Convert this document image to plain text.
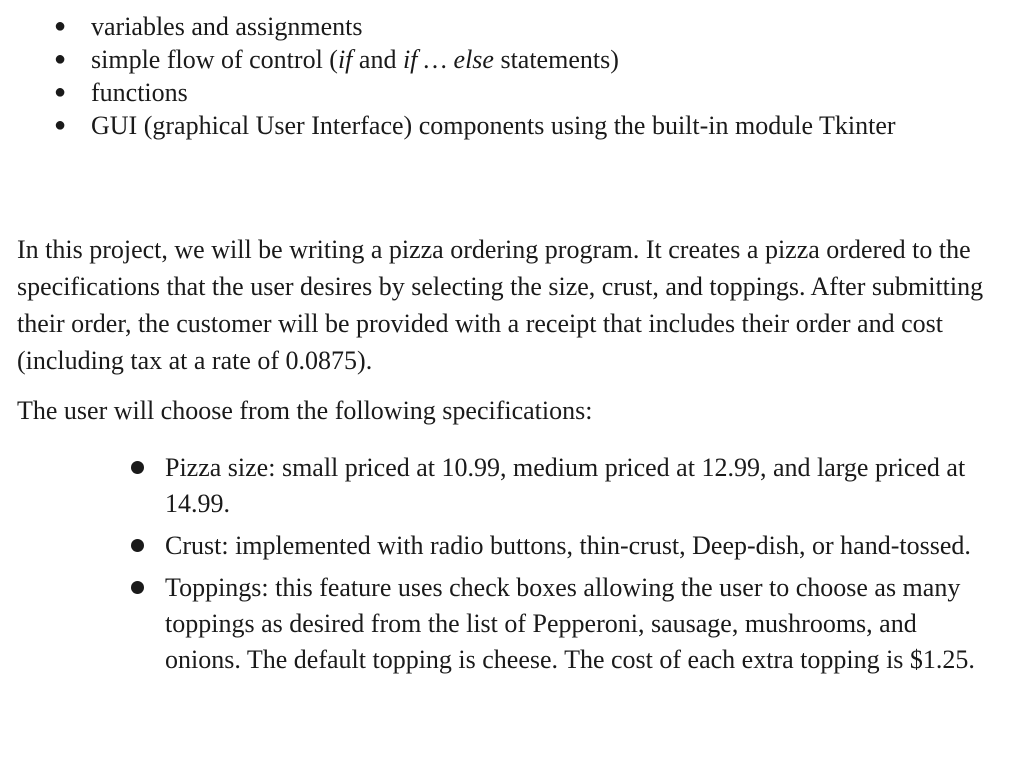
● variables and assignments
● simple flow of control (if and if … else statements)
● functions
● GUI (graphical User Interface) components using the built-in module Tkinter

In this project, we will be writing a pizza ordering program. It creates a pizza ordered to the specifications that the user desires by selecting the size, crust, and toppings. After submitting their order, the customer will be provided with a receipt that includes their order and cost (including tax at a rate of 0.0875).

The user will choose from the following specifications:

Pizza size: small priced at 10.99, medium priced at 12.99, and large priced at 14.99.
Crust: implemented with radio buttons, thin-crust, Deep-dish, or hand-tossed.
Toppings: this feature uses check boxes allowing the user to choose as many toppings as desired from the list of Pepperoni, sausage, mushrooms, and onions. The default topping is cheese. The cost of each extra topping is $1.25.
